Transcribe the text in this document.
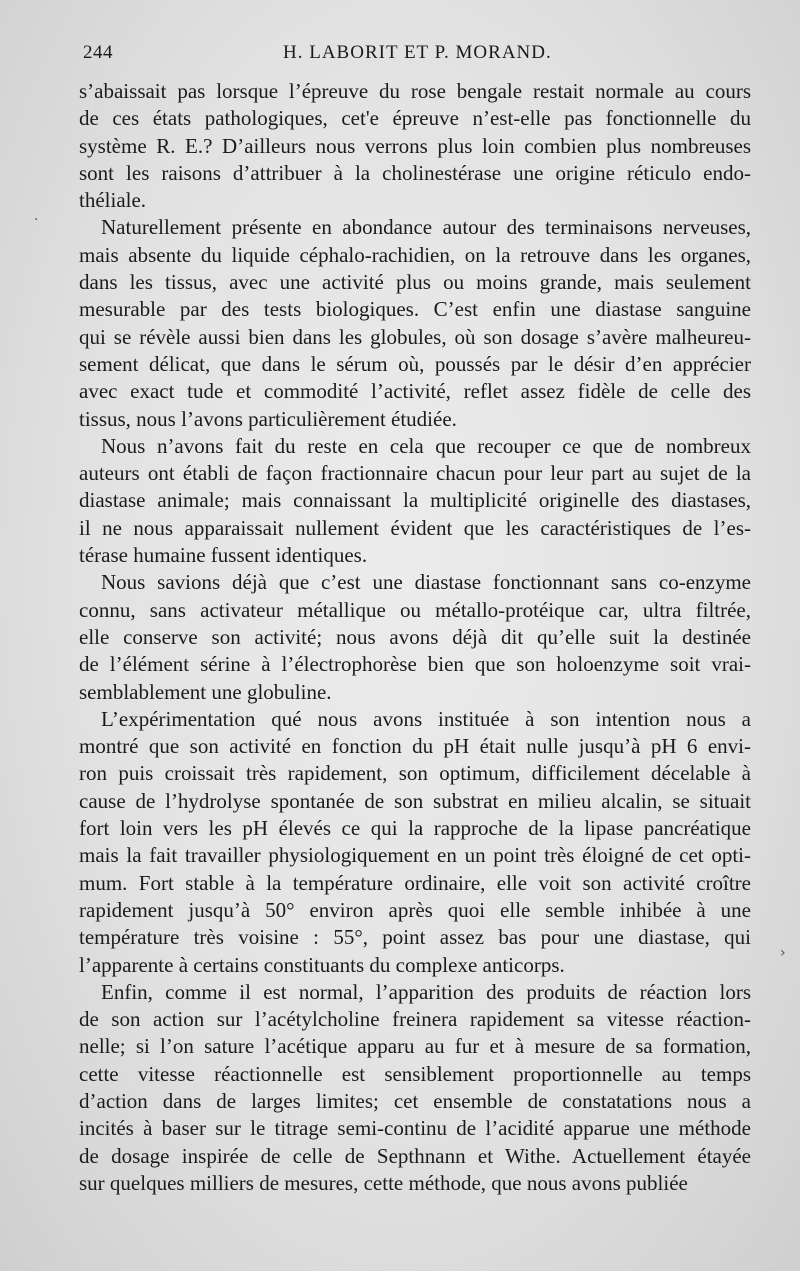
244	H. LABORIT ET P. MORAND.

s’abaissait pas lorsque l’épreuve du rose bengale restait normale au cours
de ces états pathologiques, cet'e épreuve n’est-elle pas fonctionnelle du
système R. E.? D’ailleurs nous verrons plus loin combien plus nombreuses
sont les raisons d’attribuer à la cholinestérase une origine réticulo endo-
théliale.

Naturellement présente en abondance autour des terminaisons nerveuses,
mais absente du liquide céphalo-rachidien, on la retrouve dans les organes,
dans les tissus, avec une activité plus ou moins grande, mais seulement
mesurable par des tests biologiques. C’est enfin une diastase sanguine
qui se révèle aussi bien dans les globules, où son dosage s’avère malheureu-
sement délicat, que dans le sérum où, poussés par le désir d’en apprécier
avec exact tude et commodité l’activité, reflet assez fidèle de celle des
tissus, nous l’avons particulièrement étudiée.

Nous n’avons fait du reste en cela que recouper ce que de nombreux
auteurs ont établi de façon fractionnaire chacun pour leur part au sujet de la
diastase animale; mais connaissant la multiplicité originelle des diastases,
il ne nous apparaissait nullement évident que les caractéristiques de l’es-
térase humaine fussent identiques.

Nous savions déjà que c’est une diastase fonctionnant sans co-enzyme
connu, sans activateur métallique ou métallo-protéique car, ultra filtrée,
elle conserve son activité; nous avons déjà dit qu’elle suit la destinée
de l’élément sérine à l’électrophorèse bien que son holoenzyme soit vrai-
semblablement une globuline.

L’expérimentation qué nous avons instituée à son intention nous a
montré que son activité en fonction du pH était nulle jusqu’à pH 6 envi-
ron puis croissait très rapidement, son optimum, difficilement décelable à
cause de l’hydrolyse spontanée de son substrat en milieu alcalin, se situait
fort loin vers les pH élevés ce qui la rapproche de la lipase pancréatique
mais la fait travailler physiologiquement en un point très éloigné de cet opti-
mum. Fort stable à la température ordinaire, elle voit son activité croître
rapidement jusqu’à 50° environ après quoi elle semble inhibée à une
température très voisine : 55°, point assez bas pour une diastase, qui
l’apparente à certains constituants du complexe anticorps.

Enfin, comme il est normal, l’apparition des produits de réaction lors
de son action sur l’acétylcholine freinera rapidement sa vitesse réaction-
nelle; si l’on sature l’acétique apparu au fur et à mesure de sa formation,
cette vitesse réactionnelle est sensiblement proportionnelle au temps
d’action dans de larges limites; cet ensemble de constatations nous a
incités à baser sur le titrage semi-continu de l’acidité apparue une méthode
de dosage inspirée de celle de Septhnann et Withe. Actuellement étayée
sur quelques milliers de mesures, cette méthode, que nous avons publiée

·
›
